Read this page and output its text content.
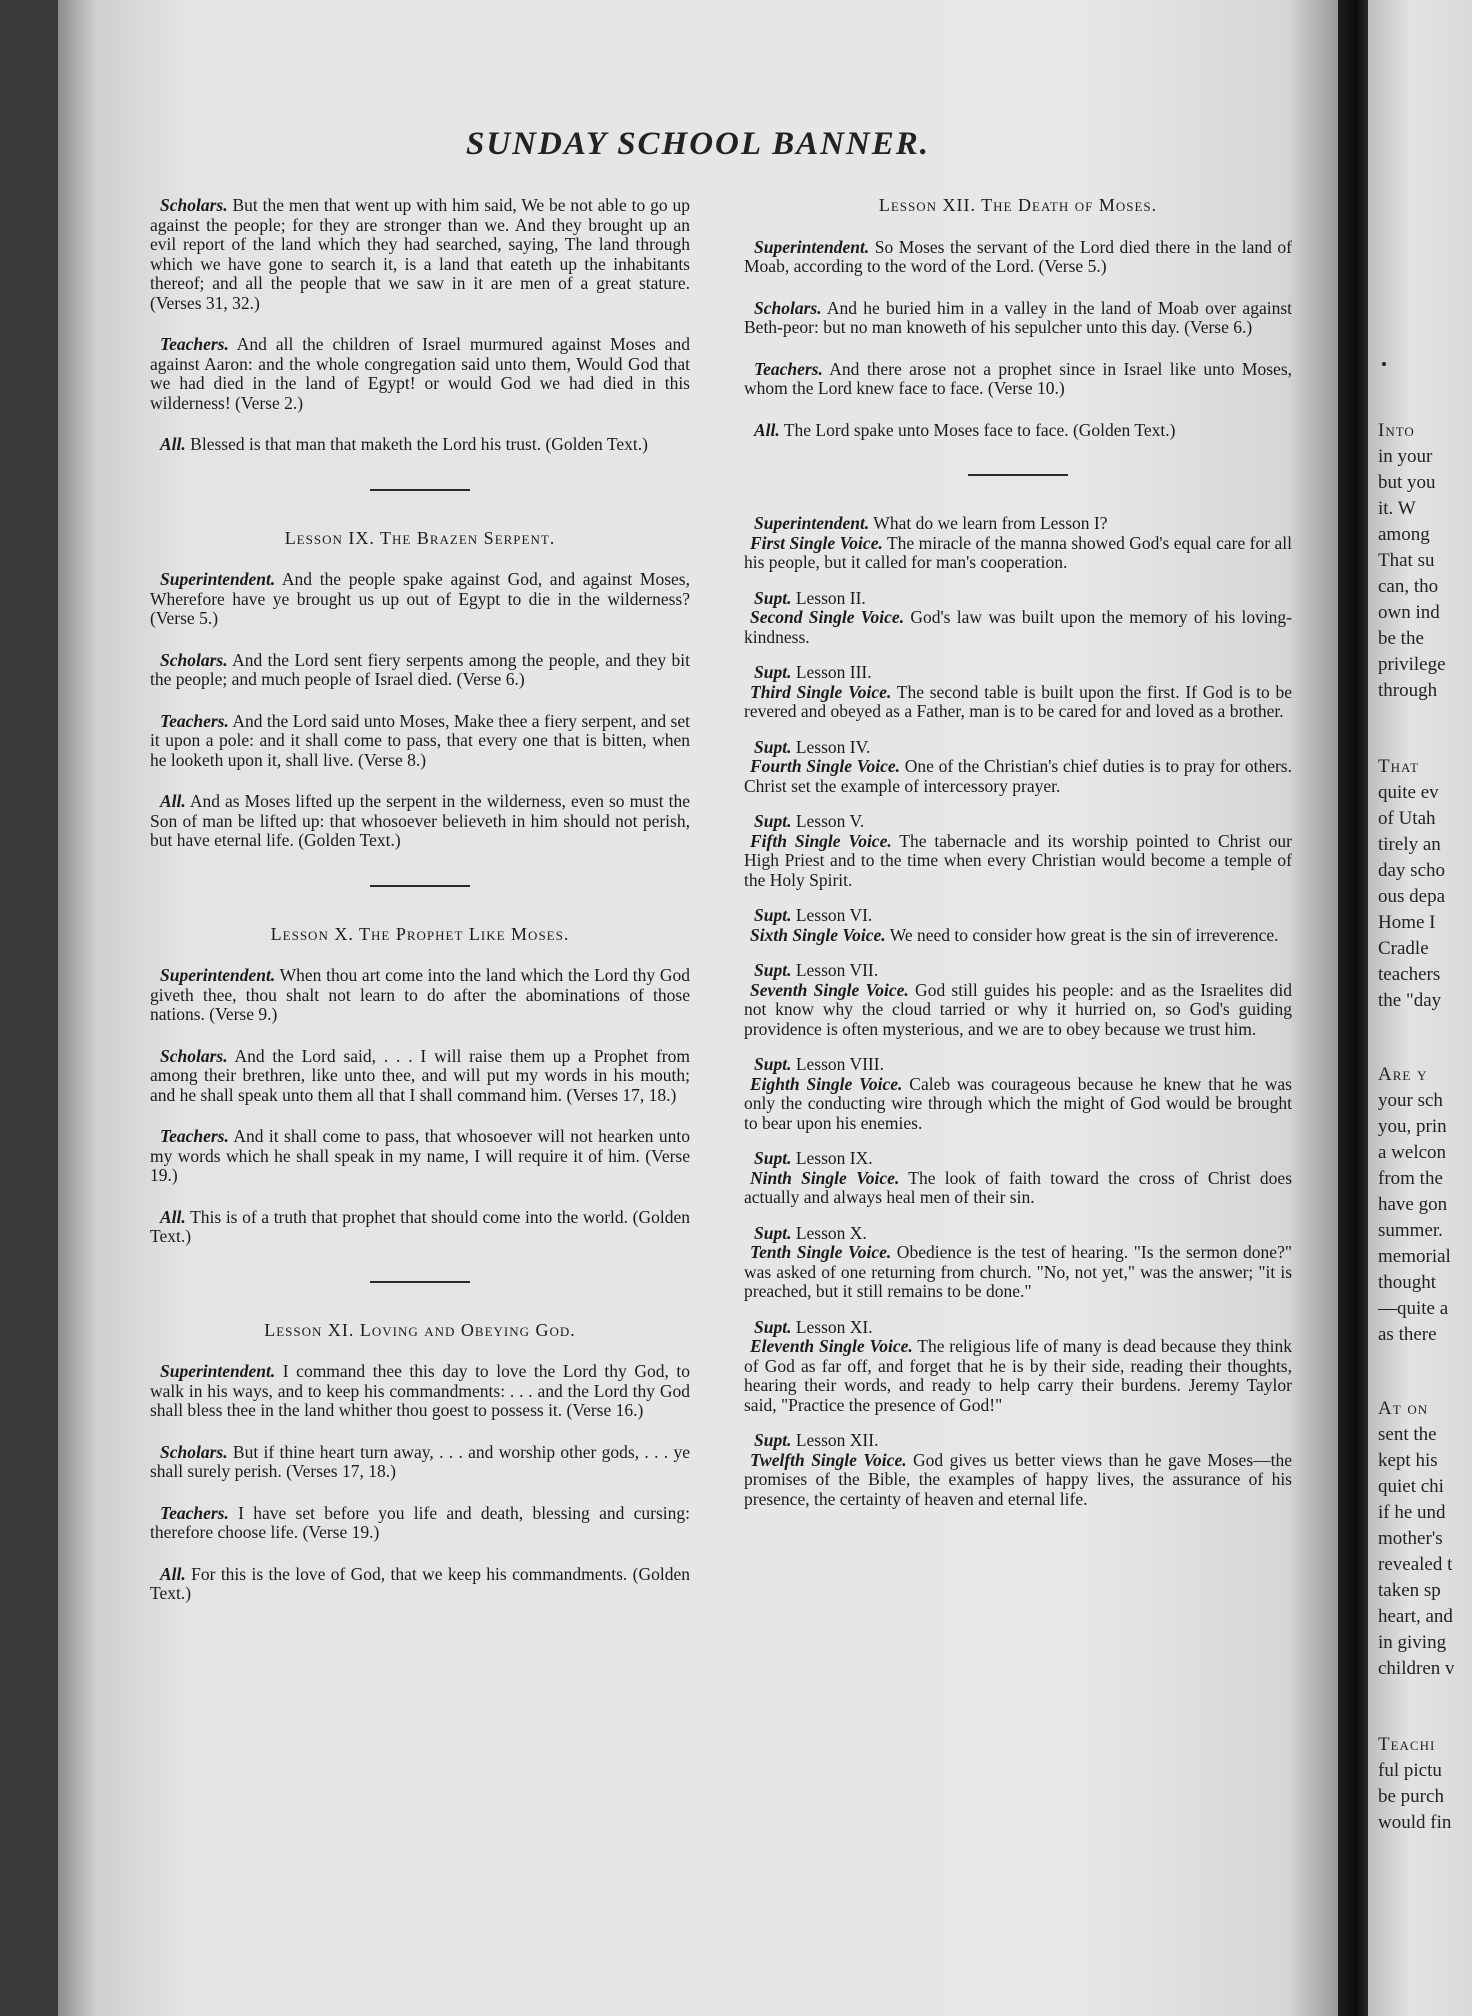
Into
in your
but you
it. W
among
That su
can, tho
own ind
be the
privilege
through
That
quite ev
of Utah
tirely an
day scho
ous depa
Home I
Cradle
teachers
the "day
Are y
your sch
you, prin
a welcon
from the
have gon
summer.
memorial
thought
—quite a
as there
At on
sent the
kept his
quiet chi
if he und
mother's
revealed t
taken sp
heart, and
in giving
children v
Teachi
ful pictu
be purch
would fin
SUNDAY SCHOOL BANNER.

Scholars. But the men that went up with him said, We be not able to go up against the people; for they are stronger than we. And they brought up an evil report of the land which they had searched, saying, The land through which we have gone to search it, is a land that eateth up the inhabitants thereof; and all the people that we saw in it are men of a great stature. (Verses 31, 32.)

Teachers. And all the children of Israel murmured against Moses and against Aaron: and the whole congregation said unto them, Would God that we had died in the land of Egypt! or would God we had died in this wilderness! (Verse 2.)

All. Blessed is that man that maketh the Lord his trust. (Golden Text.)

Lesson IX. The Brazen Serpent.

Superintendent. And the people spake against God, and against Moses, Wherefore have ye brought us up out of Egypt to die in the wilderness? (Verse 5.)

Scholars. And the Lord sent fiery serpents among the people, and they bit the people; and much people of Israel died. (Verse 6.)

Teachers. And the Lord said unto Moses, Make thee a fiery serpent, and set it upon a pole: and it shall come to pass, that every one that is bitten, when he looketh upon it, shall live. (Verse 8.)

All. And as Moses lifted up the serpent in the wilderness, even so must the Son of man be lifted up: that whosoever believeth in him should not perish, but have eternal life. (Golden Text.)

Lesson X. The Prophet Like Moses.

Superintendent. When thou art come into the land which the Lord thy God giveth thee, thou shalt not learn to do after the abominations of those nations. (Verse 9.)

Scholars. And the Lord said, . . . I will raise them up a Prophet from among their brethren, like unto thee, and will put my words in his mouth; and he shall speak unto them all that I shall command him. (Verses 17, 18.)

Teachers. And it shall come to pass, that whosoever will not hearken unto my words which he shall speak in my name, I will require it of him. (Verse 19.)

All. This is of a truth that prophet that should come into the world. (Golden Text.)

Lesson XI. Loving and Obeying God.

Superintendent. I command thee this day to love the Lord thy God, to walk in his ways, and to keep his commandments: . . . and the Lord thy God shall bless thee in the land whither thou goest to possess it. (Verse 16.)

Scholars. But if thine heart turn away, . . . and worship other gods, . . . ye shall surely perish. (Verses 17, 18.)

Teachers. I have set before you life and death, blessing and cursing: therefore choose life. (Verse 19.)

All. For this is the love of God, that we keep his commandments. (Golden Text.)

Lesson XII. The Death of Moses.

Superintendent. So Moses the servant of the Lord died there in the land of Moab, according to the word of the Lord. (Verse 5.)

Scholars. And he buried him in a valley in the land of Moab over against Beth-peor: but no man knoweth of his sepulcher unto this day. (Verse 6.)

Teachers. And there arose not a prophet since in Israel like unto Moses, whom the Lord knew face to face. (Verse 10.)

All. The Lord spake unto Moses face to face. (Golden Text.)

Superintendent. What do we learn from Lesson I?

First Single Voice. The miracle of the manna showed God's equal care for all his people, but it called for man's cooperation.
Supt. Lesson II.
Second Single Voice. God's law was built upon the memory of his loving-kindness.
Supt. Lesson III.
Third Single Voice. The second table is built upon the first. If God is to be revered and obeyed as a Father, man is to be cared for and loved as a brother.
Supt. Lesson IV.
Fourth Single Voice. One of the Christian's chief duties is to pray for others. Christ set the example of intercessory prayer.
Supt. Lesson V.
Fifth Single Voice. The tabernacle and its worship pointed to Christ our High Priest and to the time when every Christian would become a temple of the Holy Spirit.
Supt. Lesson VI.
Sixth Single Voice. We need to consider how great is the sin of irreverence.
Supt. Lesson VII.
Seventh Single Voice. God still guides his people: and as the Israelites did not know why the cloud tarried or why it hurried on, so God's guiding providence is often mysterious, and we are to obey because we trust him.
Supt. Lesson VIII.
Eighth Single Voice. Caleb was courageous because he knew that he was only the conducting wire through which the might of God would be brought to bear upon his enemies.
Supt. Lesson IX.
Ninth Single Voice. The look of faith toward the cross of Christ does actually and always heal men of their sin.
Supt. Lesson X.
Tenth Single Voice. Obedience is the test of hearing. "Is the sermon done?" was asked of one returning from church. "No, not yet," was the answer; "it is preached, but it still remains to be done."
Supt. Lesson XI.
Eleventh Single Voice. The religious life of many is dead because they think of God as far off, and forget that he is by their side, reading their thoughts, hearing their words, and ready to help carry their burdens. Jeremy Taylor said, "Practice the presence of God!"
Supt. Lesson XII.
Twelfth Single Voice. God gives us better views than he gave Moses—the promises of the Bible, the examples of happy lives, the assurance of his presence, the certainty of heaven and eternal life.
